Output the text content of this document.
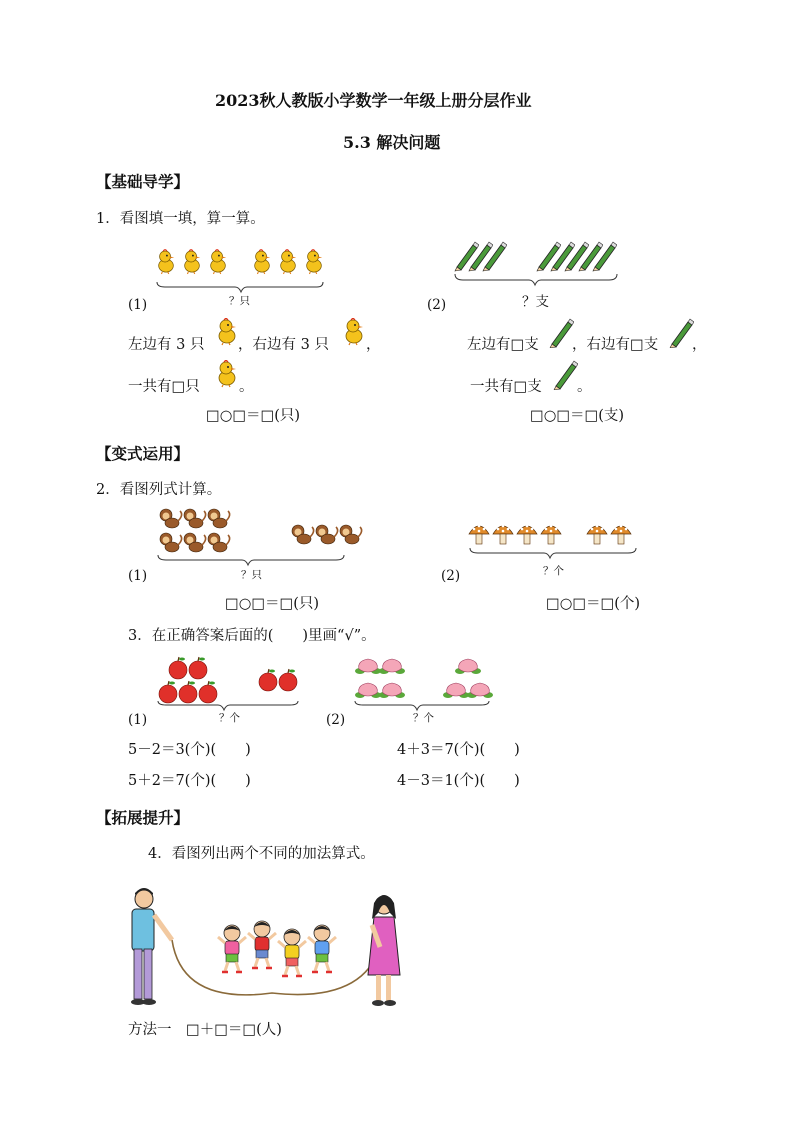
2023秋人教版小学数学一年级上册分层作业
5.3 解决问题
【基础导学】
1．看图填一填，算一算。
(1)	？只
左边有 3 只 ，右边有 3 只	，
一共有□只	。
□○□＝□(只)
(2)	？支
左边有□支 ，右边有□支 ，
一共有□支 。
□○□＝□(支)
【变式运用】
2．看图列式计算。
(1)	？只
□○□＝□(只)
(2)	？个
□○□＝□(个)
3．在正确答案后面的(　　)里画“√”。
(1)	？个
5－2＝3(个)(　　)
5＋2＝7(个)(　　)
(2)	？个
4＋3＝7(个)(　　)
4－3＝1(个)(　　)
【拓展提升】
4．看图列出两个不同的加法算式。
方法一　□＋□＝□(人)
